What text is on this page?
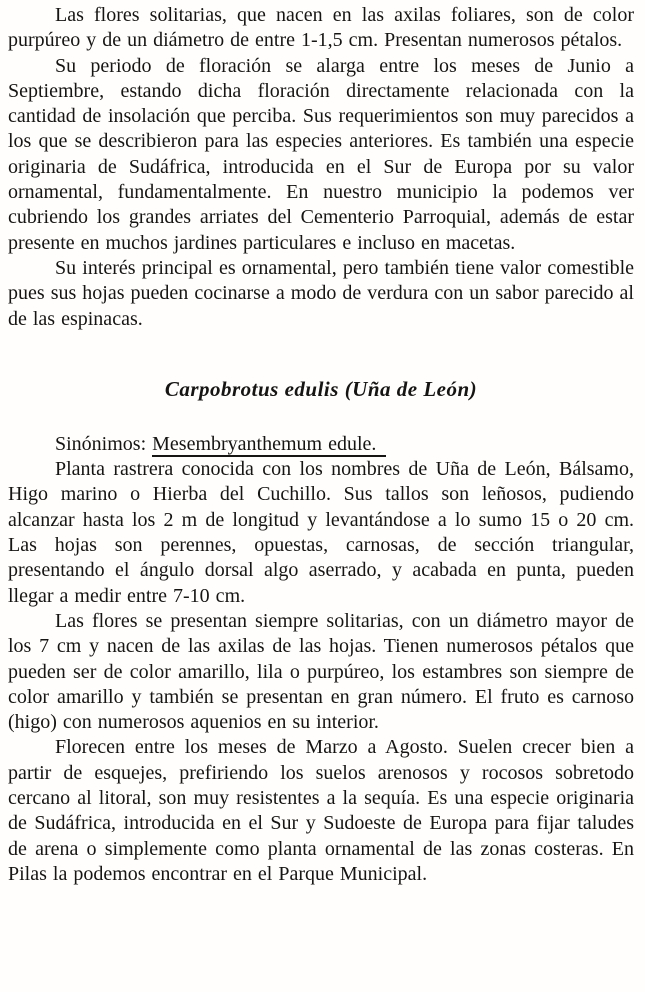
Las flores solitarias, que nacen en las axilas foliares, son de color purpúreo y de un diámetro de entre 1-1,5 cm. Presentan numerosos pétalos.

Su periodo de floración se alarga entre los meses de Junio a Septiembre, estando dicha floración directamente relacionada con la cantidad de insolación que perciba. Sus requerimientos son muy parecidos a los que se describieron para las especies anteriores. Es también una especie originaria de Sudáfrica, introducida en el Sur de Europa por su valor ornamental, fundamentalmente. En nuestro municipio la podemos ver cubriendo los grandes arriates del Cementerio Parroquial, además de estar presente en muchos jardines particulares e incluso en macetas.

Su interés principal es ornamental, pero también tiene valor comestible pues sus hojas pueden cocinarse a modo de verdura con un sabor parecido al de las espinacas.

Carpobrotus edulis (Uña de León)

Sinónimos: Mesembryanthemum edule.

Planta rastrera conocida con los nombres de Uña de León, Bálsamo, Higo marino o Hierba del Cuchillo. Sus tallos son leñosos, pudiendo alcanzar hasta los 2 m de longitud y levantándose a lo sumo 15 o 20 cm. Las hojas son perennes, opuestas, carnosas, de sección triangular, presentando el ángulo dorsal algo aserrado, y acabada en punta, pueden llegar a medir entre 7-10 cm.

Las flores se presentan siempre solitarias, con un diámetro mayor de los 7 cm y nacen de las axilas de las hojas. Tienen numerosos pétalos que pueden ser de color amarillo, lila o purpúreo, los estambres son siempre de color amarillo y también se presentan en gran número. El fruto es carnoso (higo) con numerosos aquenios en su interior.

Florecen entre los meses de Marzo a Agosto. Suelen crecer bien a partir de esquejes, prefiriendo los suelos arenosos y rocosos sobretodo cercano al litoral, son muy resistentes a la sequía. Es una especie originaria de Sudáfrica, introducida en el Sur y Sudoeste de Europa para fijar taludes de arena o simplemente como planta ornamental de las zonas costeras. En Pilas la podemos encontrar en el Parque Municipal.
